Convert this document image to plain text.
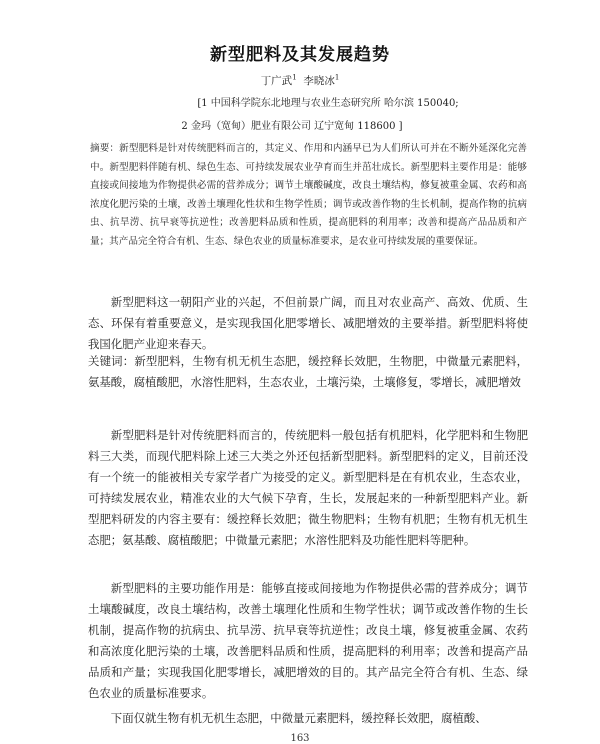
新型肥料及其发展趋势
丁广武$^1$ 李晓冰$^1$
[1 中国科学院东北地理与农业生态研究所 哈尔滨 150040;
2 金玛（宽甸）肥业有限公司 辽宁宽甸 118600 ]

摘要：新型肥料是针对传统肥料而言的，其定义、作用和内涵早已为人们所认可并在不断外延深化完善中。新型肥料伴随有机、绿色生态、可持续发展农业孕育而生并茁壮成长。新型肥料主要作用是：能够直接或间接地为作物提供必需的营养成分；调节土壤酸碱度，改良土壤结构，修复被重金属、农药和高浓度化肥污染的土壤，改善土壤理化性状和生物学性质；调节或改善作物的生长机制，提高作物的抗病虫、抗旱涝、抗早衰等抗逆性；改善肥料品质和性质，提高肥料的利用率；改善和提高产品品质和产量；其产品完全符合有机、生态、绿色农业的质量标准要求，是农业可持续发展的重要保证。

新型肥料这一朝阳产业的兴起，不但前景广阔，而且对农业高产、高效、优质、生态、环保有着重要意义，是实现我国化肥零增长、减肥增效的主要举措。新型肥料将使我国化肥产业迎来春天。

关键词：新型肥料，生物有机无机生态肥，缓控释长效肥，生物肥，中微量元素肥料，氨基酸，腐植酸肥，水溶性肥料，生态农业，土壤污染，土壤修复，零增长，减肥增效

新型肥料是针对传统肥料而言的，传统肥料一般包括有机肥料，化学肥料和生物肥料三大类，而现代肥料除上述三大类之外还包括新型肥料。新型肥料的定义，目前还没有一个统一的能被相关专家学者广为接受的定义。新型肥料是在有机农业，生态农业，可持续发展农业，精准农业的大气候下孕育，生长，发展起来的一种新型肥料产业。新型肥料研发的内容主要有：缓控释长效肥；微生物肥料；生物有机肥；生物有机无机生态肥；氨基酸、腐植酸肥；中微量元素肥；水溶性肥料及功能性肥料等肥种。

新型肥料的主要功能作用是：能够直接或间接地为作物提供必需的营养成分；调节土壤酸碱度，改良土壤结构，改善土壤理化性质和生物学性状；调节或改善作物的生长机制，提高作物的抗病虫、抗旱涝、抗早衰等抗逆性；改良土壤，修复被重金属、农药和高浓度化肥污染的土壤，改善肥料品质和性质，提高肥料的利用率；改善和提高产品品质和产量；实现我国化肥零增长，减肥增效的目的。其产品完全符合有机、生态、绿色农业的质量标准要求。

下面仅就生物有机无机生态肥，中微量元素肥料，缓控释长效肥，腐植酸、

163
